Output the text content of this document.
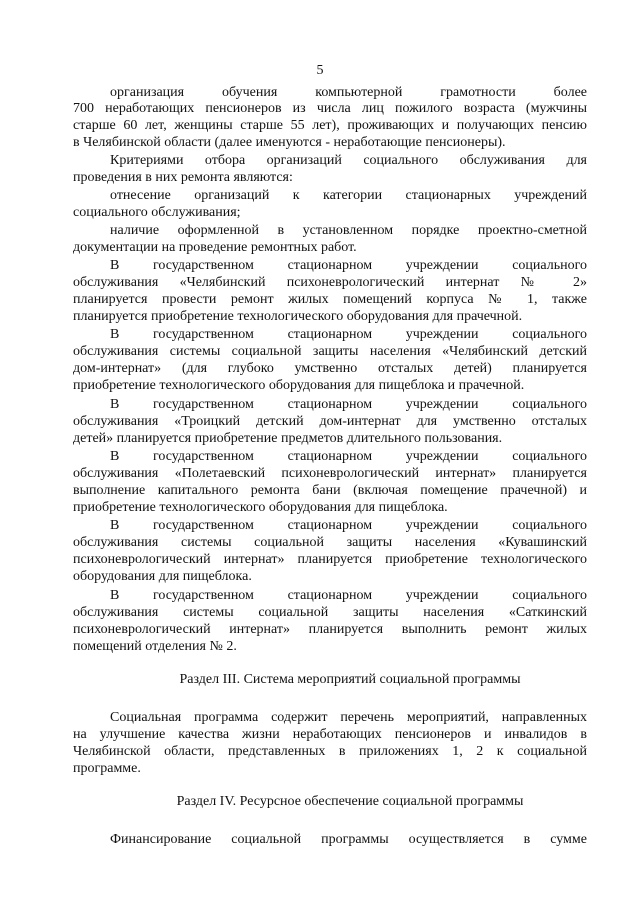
5
организация обучения компьютерной грамотности более
700 неработающих пенсионеров из числа лиц пожилого возраста (мужчины
старше 60 лет, женщины старше 55 лет), проживающих и получающих пенсию
в Челябинской области (далее именуются - неработающие пенсионеры).
Критериями отбора организаций социального обслуживания для
проведения в них ремонта являются:
отнесение организаций к категории стационарных учреждений
социального обслуживания;
наличие оформленной в установленном порядке проектно-сметной
документации на проведение ремонтных работ.
В государственном стационарном учреждении социального
обслуживания «Челябинский психоневрологический интернат № 2»
планируется провести ремонт жилых помещений корпуса № 1, также
планируется приобретение технологического оборудования для прачечной.
В государственном стационарном учреждении социального
обслуживания системы социальной защиты населения «Челябинский детский
дом-интернат» (для глубоко умственно отсталых детей) планируется
приобретение технологического оборудования для пищеблока и прачечной.
В государственном стационарном учреждении социального
обслуживания «Троицкий детский дом-интернат для умственно отсталых
детей» планируется приобретение предметов длительного пользования.
В государственном стационарном учреждении социального
обслуживания «Полетаевский психоневрологический интернат» планируется
выполнение капитального ремонта бани (включая помещение прачечной) и
приобретение технологического оборудования для пищеблока.
В государственном стационарном учреждении социального
обслуживания системы социальной защиты населения «Кувашинский
психоневрологический интернат» планируется приобретение технологического
оборудования для пищеблока.
В государственном стационарном учреждении социального
обслуживания системы социальной защиты населения «Саткинский
психоневрологический интернат» планируется выполнить ремонт жилых
помещений отделения № 2.
Раздел III. Система мероприятий социальной программы
Социальная программа содержит перечень мероприятий, направленных
на улучшение качества жизни неработающих пенсионеров и инвалидов в
Челябинской области, представленных в приложениях 1, 2 к социальной
программе.
Раздел IV. Ресурсное обеспечение социальной программы
Финансирование социальной программы осуществляется в сумме
